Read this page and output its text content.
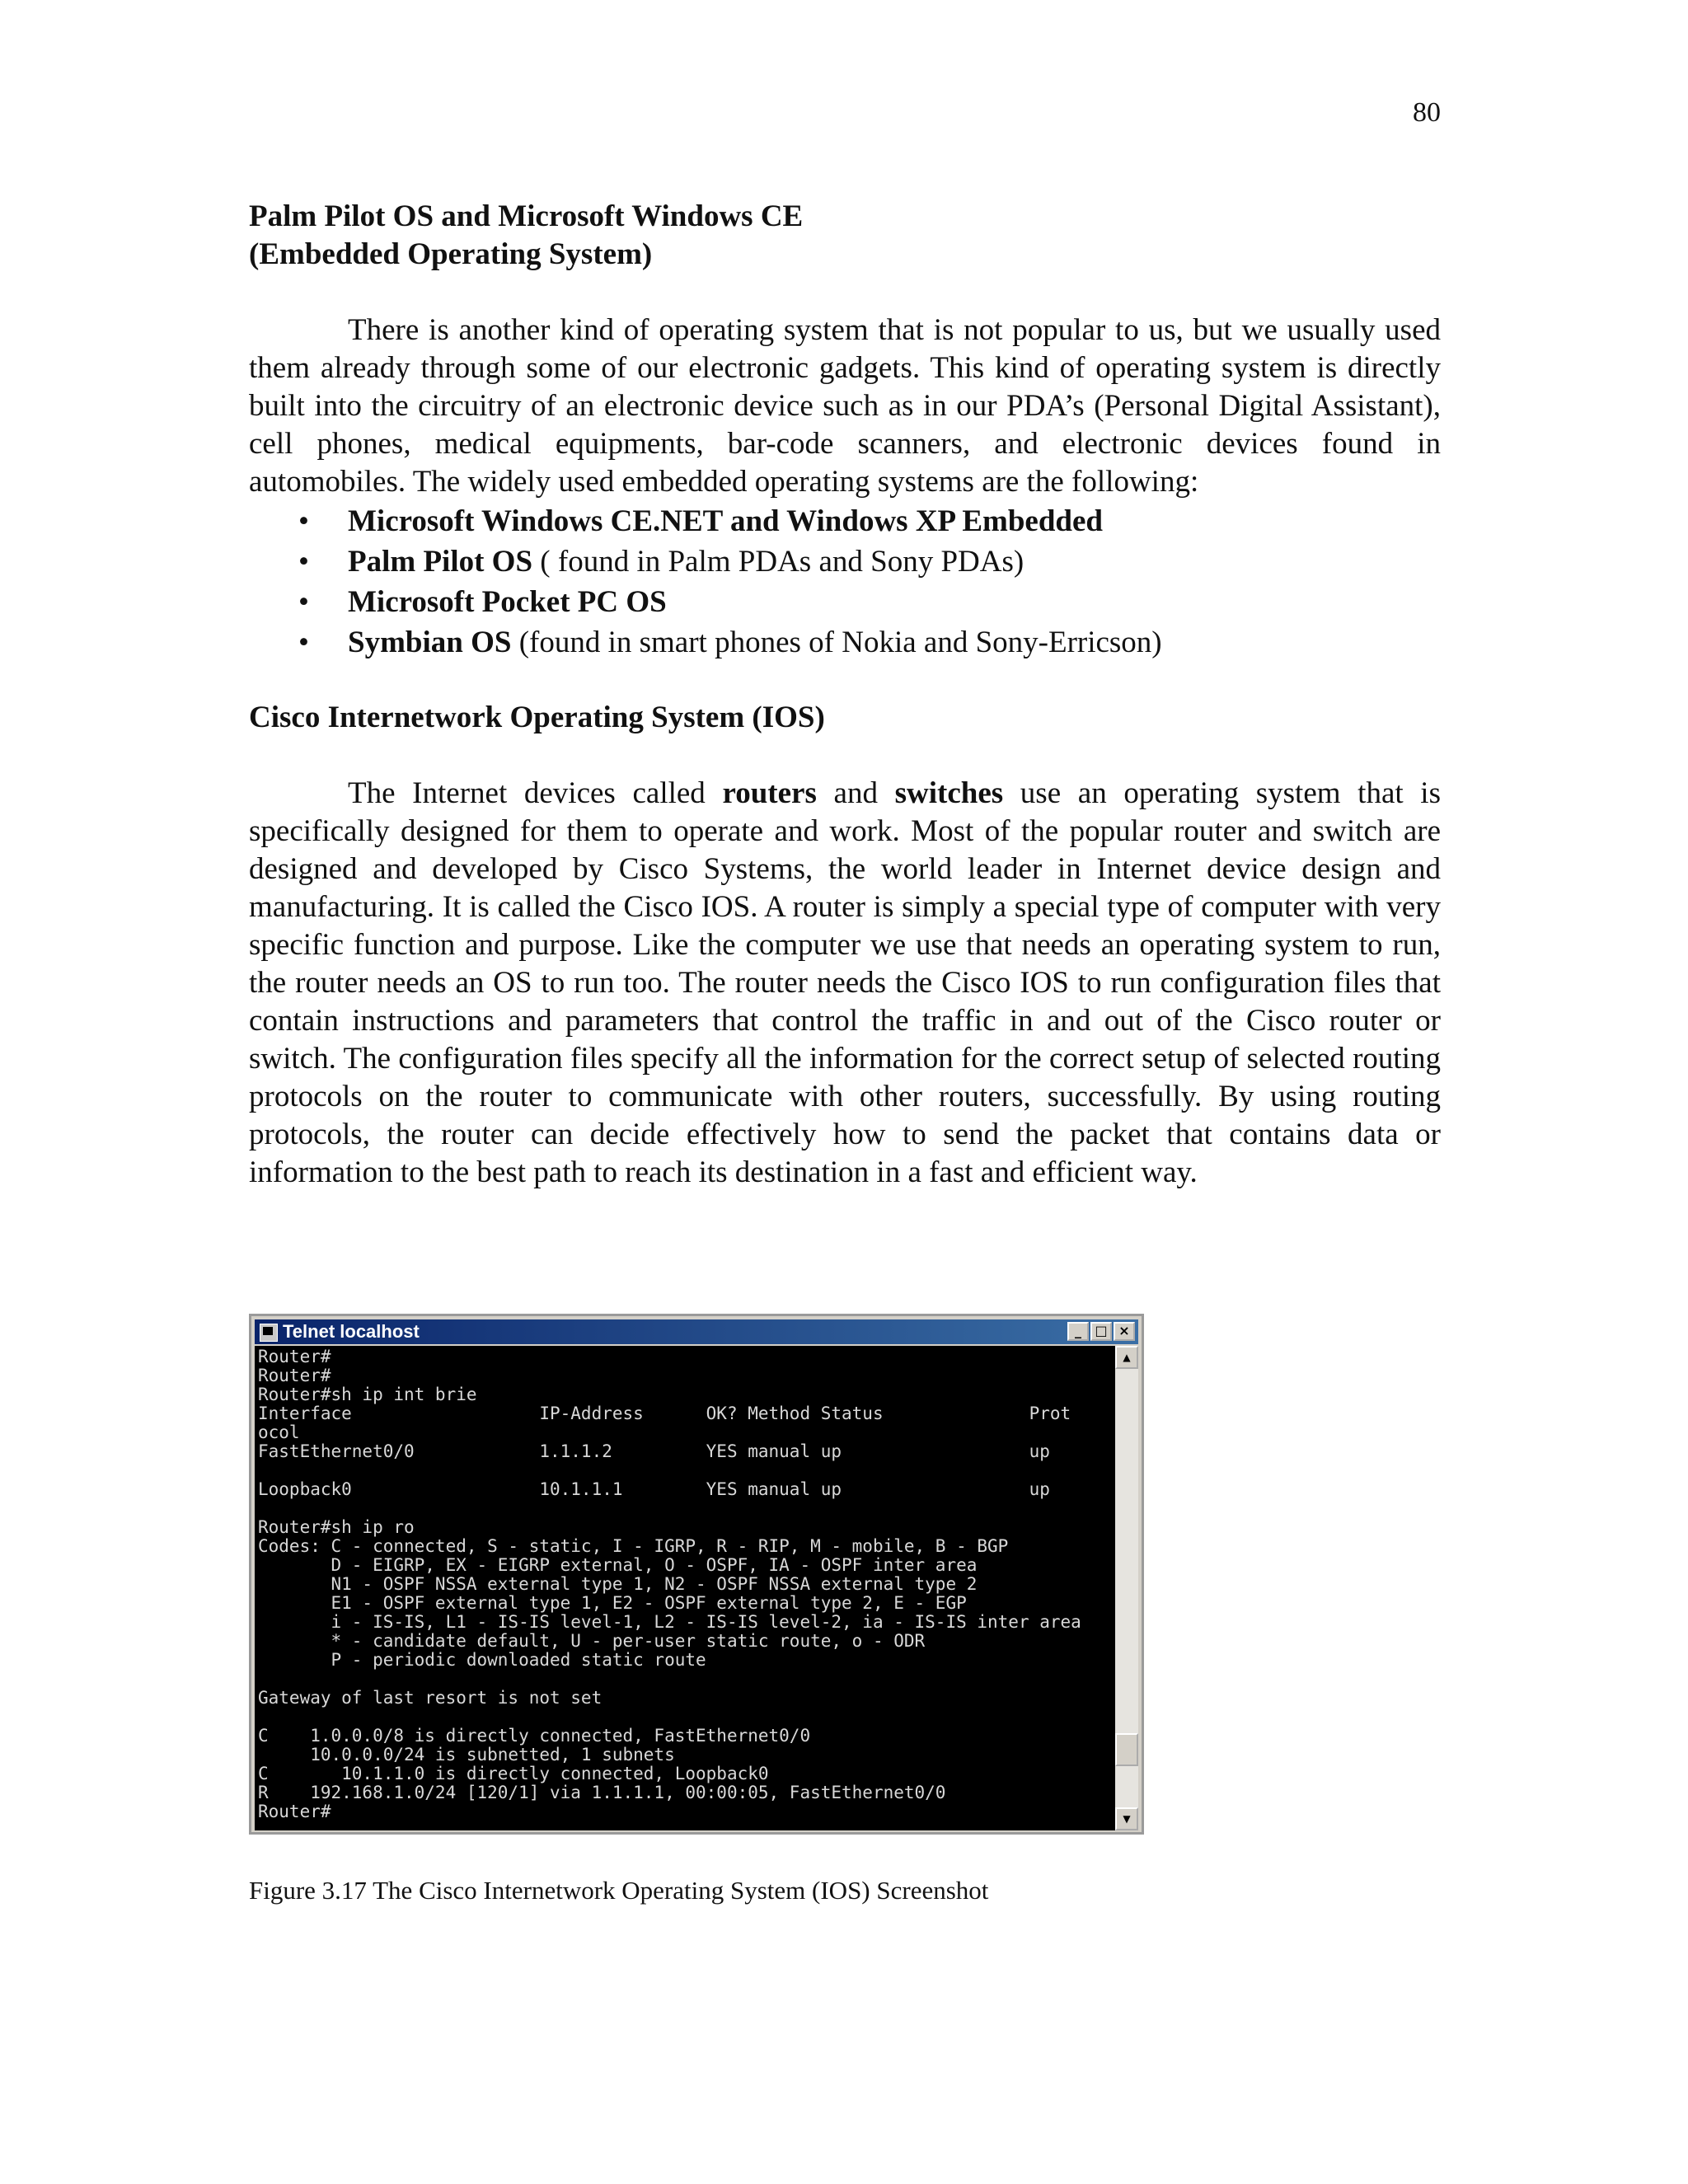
80

Palm Pilot OS and Microsoft Windows CE
(Embedded Operating System)

There is another kind of operating system that is not popular to us, but we usually used them already through some of our electronic gadgets. This kind of operating system is directly built into the circuitry of an electronic device such as in our PDA’s (Personal Digital Assistant), cell phones, medical equipments, bar-code scanners, and electronic devices found in automobiles. The widely used embedded operating systems are the following:

• Microsoft Windows CE.NET and Windows XP Embedded
• Palm Pilot OS ( found in Palm PDAs and Sony PDAs)
• Microsoft Pocket PC OS
• Symbian OS (found in smart phones of Nokia and Sony-Erricson)

Cisco Internetwork Operating System (IOS)

The Internet devices called routers and switches use an operating system that is specifically designed for them to operate and work. Most of the popular router and switch are designed and developed by Cisco Systems, the world leader in Internet device design and manufacturing. It is called the Cisco IOS. A router is simply a special type of computer with very specific function and purpose. Like the computer we use that needs an operating system to run, the router needs an OS to run too. The router needs the Cisco IOS to run configuration files that contain instructions and parameters that control the traffic in and out of the Cisco router or switch. The configuration files specify all the information for the correct setup of selected routing protocols on the router to communicate with other routers, successfully. By using routing protocols, the router can decide effectively how to send the packet that contains data or information to the best path to reach its destination in a fast and efficient way.

Telnet localhost	_	□ ×
Router#
Router#
Router#sh ip int brie
Interface                  IP-Address      OK? Method Status              Prot
ocol
FastEthernet0/0            1.1.1.2         YES manual up                  up

Loopback0                  10.1.1.1        YES manual up                  up

Router#sh ip ro
Codes: C - connected, S - static, I - IGRP, R - RIP, M - mobile, B - BGP
D - EIGRP, EX - EIGRP external, O - OSPF, IA - OSPF inter area
N1 - OSPF NSSA external type 1, N2 - OSPF NSSA external type 2
E1 - OSPF external type 1, E2 - OSPF external type 2, E - EGP
i - IS-IS, L1 - IS-IS level-1, L2 - IS-IS level-2, ia - IS-IS inter area
* - candidate default, U - per-user static route, o - ODR
P - periodic downloaded static route

Gateway of last resort is not set

C    1.0.0.0/8 is directly connected, FastEthernet0/0
10.0.0.0/24 is subnetted, 1 subnets
C       10.1.1.0 is directly connected, Loopback0
R    192.168.1.0/24 [120/1] via 1.1.1.1, 00:00:05, FastEthernet0/0
Router#
▲
▼
Figure 3.17 The Cisco Internetwork Operating System (IOS) Screenshot
